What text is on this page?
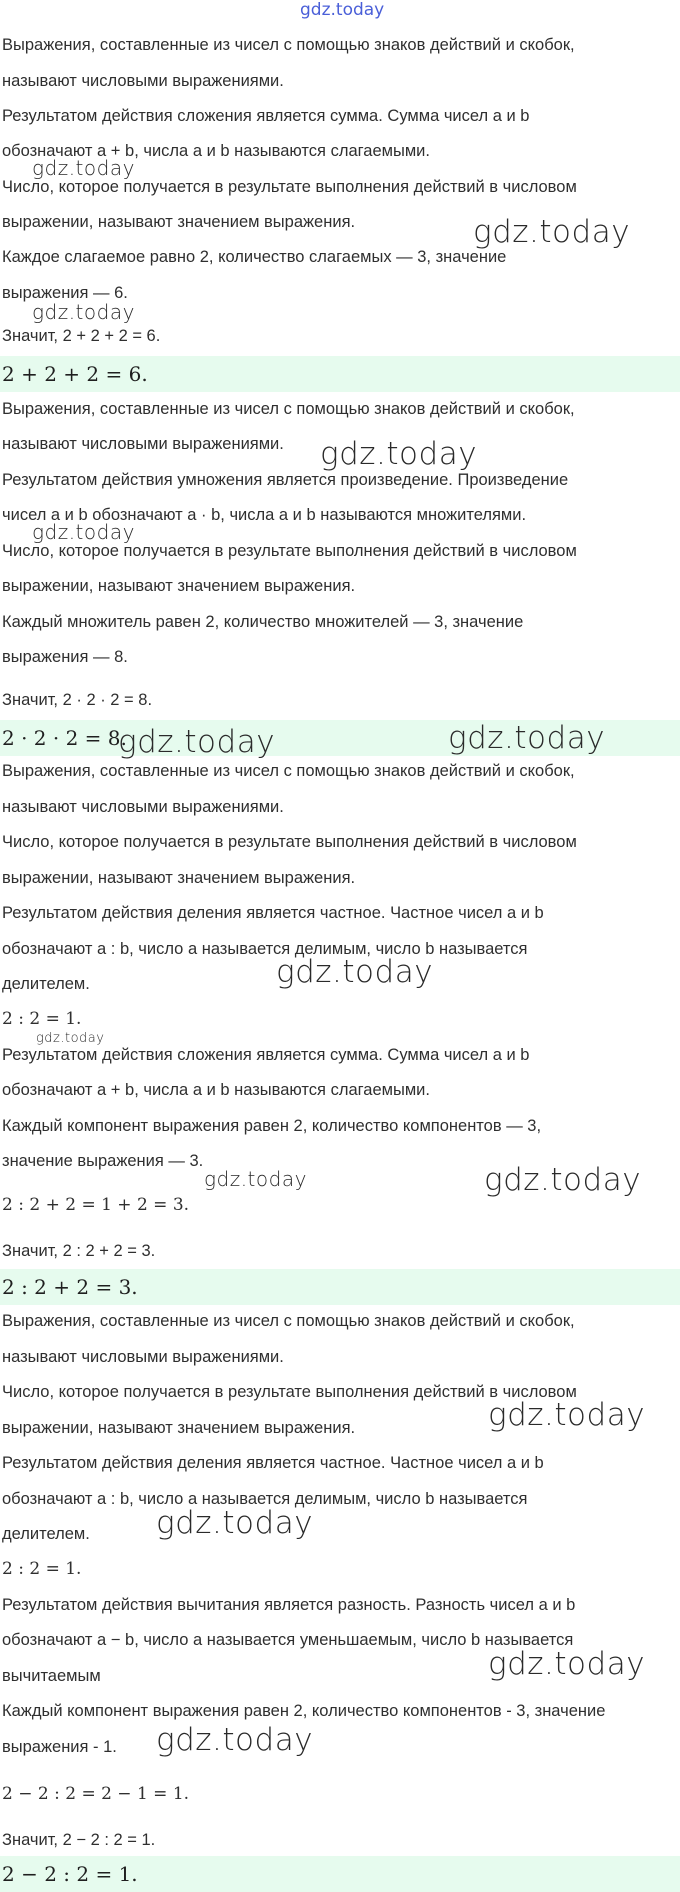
gdz.today
Выражения, составленные из чисел с помощью знаков действий и скобок,
называют числовыми выражениями.
Результатом действия сложения является сумма. Сумма чисел a и b
обозначают a + b, числа a и b называются слагаемыми.
Число, которое получается в результате выполнения действий в числовом
выражении, называют значением выражения.
Каждое слагаемое равно 2, количество слагаемых — 3, значение
выражения — 6.
Значит, 2 + 2 + 2 = 6.
2 + 2 + 2 = 6.
Выражения, составленные из чисел с помощью знаков действий и скобок,
называют числовыми выражениями.
Результатом действия умножения является произведение. Произведение
чисел a и b обозначают a · b, числа a и b называются множителями.
Число, которое получается в результате выполнения действий в числовом
выражении, называют значением выражения.
Каждый множитель равен 2, количество множителей — 3, значение
выражения — 8.
Значит, 2 · 2 · 2 = 8.
2 · 2 · 2 = 8.
Выражения, составленные из чисел с помощью знаков действий и скобок,
называют числовыми выражениями.
Число, которое получается в результате выполнения действий в числовом
выражении, называют значением выражения.
Результатом действия деления является частное. Частное чисел a и b
обозначают a : b, число a называется делимым, число b называется
делителем.
2 : 2 = 1.
Результатом действия сложения является сумма. Сумма чисел a и b
обозначают a + b, числа a и b называются слагаемыми.
Каждый компонент выражения равен 2, количество компонентов — 3,
значение выражения — 3.
2 : 2 + 2 = 1 + 2 = 3.
Значит, 2 : 2 + 2 = 3.
2 : 2 + 2 = 3.
Выражения, составленные из чисел с помощью знаков действий и скобок,
называют числовыми выражениями.
Число, которое получается в результате выполнения действий в числовом
выражении, называют значением выражения.
Результатом действия деления является частное. Частное чисел a и b
обозначают a : b, число a называется делимым, число b называется
делителем.
2 : 2 = 1.
Результатом действия вычитания является разность. Разность чисел a и b
обозначают a − b, число a называется уменьшаемым, число b называется
вычитаемым
Каждый компонент выражения равен 2, количество компонентов - 3, значение
выражения - 1.
2 − 2 : 2 = 2 − 1 = 1.
Значит, 2 − 2 : 2 = 1.
2 − 2 : 2 = 1.
gdz.today
gdz.today
gdz.today
gdz.today
gdz.today
gdz.today	gdz.today
gdz.today
gdz.today
gdz.today	gdz.today
gdz.today
gdz.today
gdz.today
gdz.today
